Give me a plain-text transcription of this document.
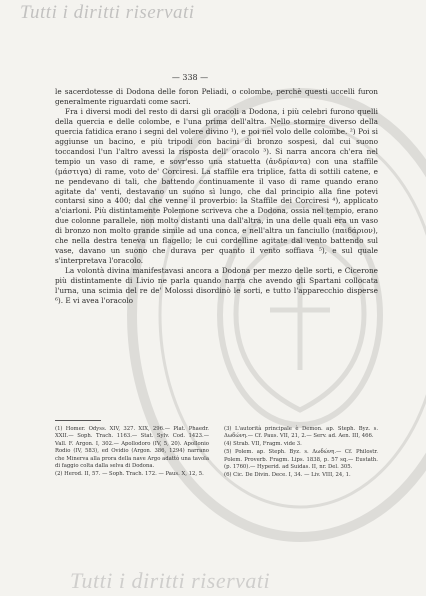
Tutti i diritti riservati
— 338 —

le sacerdotesse di Dodona delle foron Peliadi, o colombe, perchè questi uccelli furon generalmente riguardati come sacri.

Fra i diversi modi del resto di darsi gli oracoli a Dodona, i più celebri furono quelli della quercia e delle colombe, e l'una prima dell'altra. Nello stormire diverso della quercia fatidica erano i segni del volere divino ¹), e poi nel volo delle colombe. ²) Poi si aggiunse un bacino, e più tripodi con bacini di bronzo sospesi, dal cui suono toccandosi l'un l'altro avessi la risposta dell' oracolo ³). Si narra ancora ch'era nel tempio un vaso di rame, e sovr'esso una statuetta (ἀνδρίαντα) con una staffile (μάστιγα) di rame, voto de' Corciresi. La staffile era triplice, fatta di sottili catene, e ne pendevano di tali, che battendo continuamente il vaso di rame quando erano agitate da' venti, destavano un suono sì lungo, che dal principio alla fine potevi contarsi sino a 400; dal che venne il proverbio: la Staffile dei Corciresi ⁴), applicato a'ciarloni. Più distintamente Polemone scriveva che a Dodona, ossia nel tempio, erano due colonne parallele, non molto distanti una dall'altra, in una delle quali era un vaso di bronzo non molto grande simile ad una conca, e nell'altra un fanciullo (παιδάριον), che nella destra teneva un flagello; le cui cordelline agitate dal vento battendo sul vase, davano un suono che durava per quanto il vento soffiava ⁵), e sul quale s'interpretava l'oracolo.

La volontà divina manifestavasi ancora a Dodona per mezzo delle sorti, e Cicerone più distintamente di Livio ne parla quando narra che avendo gli Spartani collocata l'urna, una scimia del re de' Molossi disordinò le sorti, e tutto l'apparecchio disperse ⁶). E vi avea l'oracolo

(1) Homer. Odyss. XIV, 327. XIX, 296.— Plat. Phaedr. XXII.— Soph. Trach. 1163.— Stat. Sylv. Cod. 1423.— Vall. F. Argon. I, 302.— Apollodoro (IV, 5, 20). Apollonio Rodio (IV, 583), ed Ovidio (Argon. 386, 1294) narrano che Minerva alla prora della nave Argo adattò una tavola di faggio colta dalla selva di Dodona.

(2) Herod. II, 57. — Soph. Trach. 172. — Paus. X, 12, 5.

(3) L'autorità principale è Demon. ap. Steph. Byz. s. Δωδώνη.— Cf. Paus. VII, 21, 2.— Serv. ad. Aen. III, 466.

(4) Strab. VII, Fragm. vide 3.

(5) Polem. ap. Steph. Byz. s. Δωδώνη.— Cf. Philostr. Polem. Proverb. Fragm. Lips. 1838, p. 57 sq.— Eustath. (p. 1760).— Hyperid. ad Suidas. II, nr. Del. 305.

(6) Cic. De Divin. Dece. I, 34. — Liv. VIII, 24, 1.

Tutti i diritti riservati
